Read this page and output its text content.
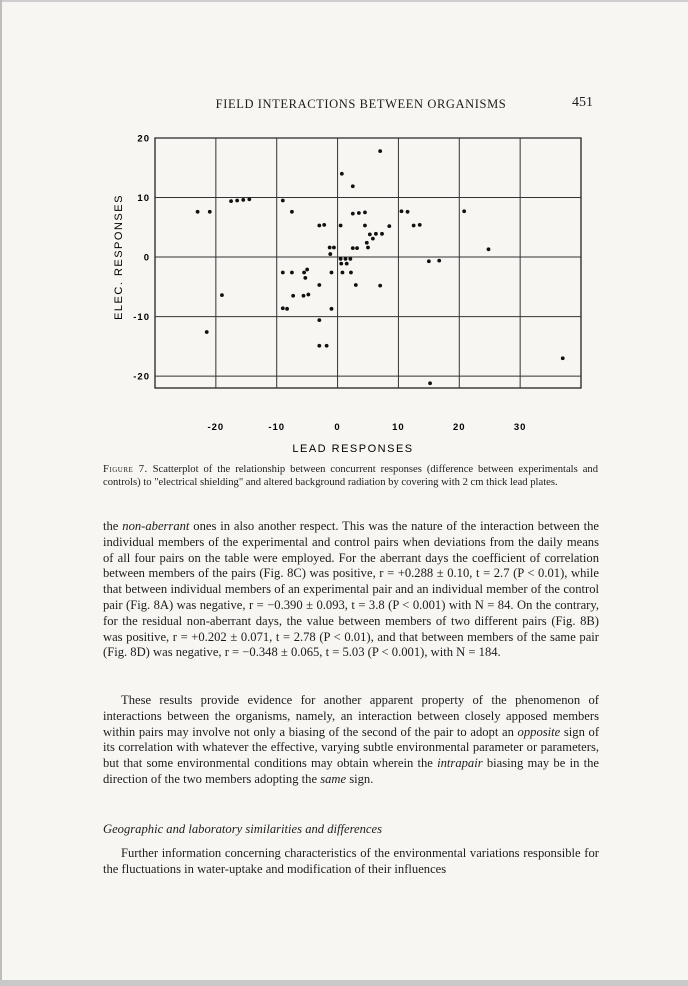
FIELD INTERACTIONS BETWEEN ORGANISMS	451
-20	-10	0	10	20	30
20
10
0
-10
-20
LEAD RESPONSES
ELEC. RESPONSES
Figure 7. Scatterplot of the relationship between concurrent responses (difference between experimentals and controls) to "electrical shielding" and altered background radiation by covering with 2 cm thick lead plates.
the non-aberrant ones in also another respect. This was the nature of the interaction between the individual members of the experimental and control pairs when deviations from the daily means of all four pairs on the table were employed. For the aberrant days the coefficient of correlation between members of the pairs (Fig. 8C) was positive, r = +0.288 ± 0.10, t = 2.7 (P < 0.01), while that between individual members of an experimental pair and an individual member of the control pair (Fig. 8A) was negative, r = −0.390 ± 0.093, t = 3.8 (P < 0.001) with N = 84. On the contrary, for the residual non-aberrant days, the value between members of two different pairs (Fig. 8B) was positive, r = +0.202 ± 0.071, t = 2.78 (P < 0.01), and that between members of the same pair (Fig. 8D) was negative, r = −0.348 ± 0.065, t = 5.03 (P < 0.001), with N = 184.
These results provide evidence for another apparent property of the phenomenon of interactions between the organisms, namely, an interaction between closely apposed members within pairs may involve not only a biasing of the second of the pair to adopt an opposite sign of its correlation with whatever the effective, varying subtle environmental parameter or parameters, but that some environmental conditions may obtain wherein the intrapair biasing may be in the direction of the two members adopting the same sign.
Geographic and laboratory similarities and differences
Further information concerning characteristics of the environmental variations responsible for the fluctuations in water-uptake and modification of their influences
